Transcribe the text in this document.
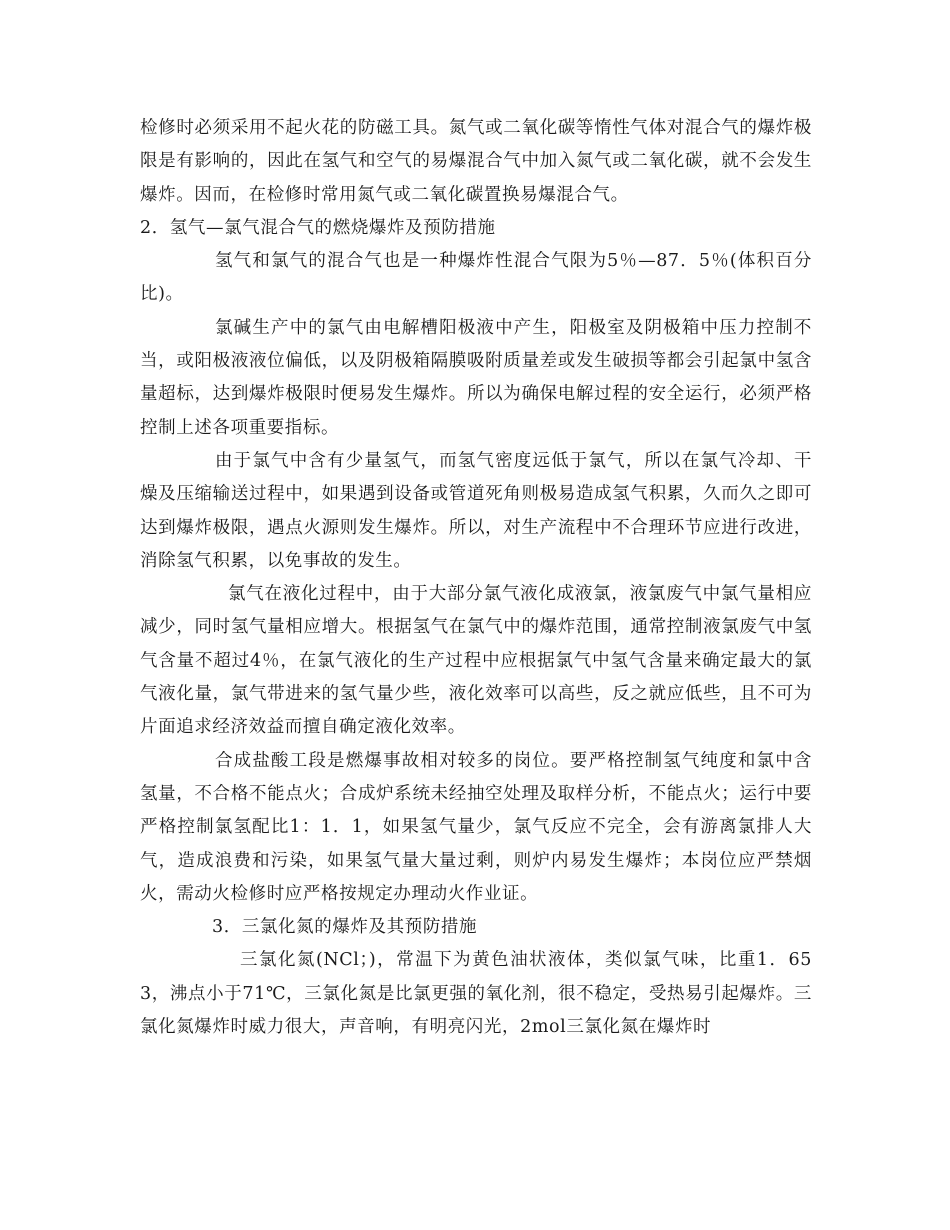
检修时必须采用不起火花的防磁工具。氮气或二氧化碳等惰性气体对混合气的爆炸极限是有影响的，因此在氢气和空气的易爆混合气中加入氮气或二氧化碳，就不会发生爆炸。因而，在检修时常用氮气或二氧化碳置换易爆混合气。

2．氢气—氯气混合气的燃烧爆炸及预防措施

氢气和氯气的混合气也是一种爆炸性混合气限为5％—87．5％(体积百分比)。

氯碱生产中的氯气由电解槽阳极液中产生，阳极室及阴极箱中压力控制不当，或阳极液液位偏低，以及阴极箱隔膜吸附质量差或发生破损等都会引起氯中氢含量超标，达到爆炸极限时便易发生爆炸。所以为确保电解过程的安全运行，必须严格控制上述各项重要指标。

由于氯气中含有少量氢气，而氢气密度远低于氯气，所以在氯气冷却、干燥及压缩输送过程中，如果遇到设备或管道死角则极易造成氢气积累，久而久之即可达到爆炸极限，遇点火源则发生爆炸。所以，对生产流程中不合理环节应进行改进，消除氢气积累，以免事故的发生。

氯气在液化过程中，由于大部分氯气液化成液氯，液氯废气中氯气量相应减少，同时氢气量相应增大。根据氢气在氯气中的爆炸范围，通常控制液氯废气中氢气含量不超过4％，在氯气液化的生产过程中应根据氯气中氢气含量来确定最大的氯气液化量，氯气带进来的氢气量少些，液化效率可以高些，反之就应低些，且不可为片面追求经济效益而擅自确定液化效率。

合成盐酸工段是燃爆事故相对较多的岗位。要严格控制氢气纯度和氯中含氢量，不合格不能点火；合成炉系统未经抽空处理及取样分析，不能点火；运行中要严格控制氯氢配比1：1．1，如果氢气量少，氯气反应不完全，会有游离氯排人大气，造成浪费和污染，如果氢气量大量过剩，则炉内易发生爆炸；本岗位应严禁烟火，需动火检修时应严格按规定办理动火作业证。

3．三氯化氮的爆炸及其预防措施

三氯化氮(NCl；)，常温下为黄色油状液体，类似氯气味，比重1．653，沸点小于71℃，三氯化氮是比氯更强的氧化剂，很不稳定，受热易引起爆炸。三氯化氮爆炸时威力很大，声音响，有明亮闪光，2mol三氯化氮在爆炸时
